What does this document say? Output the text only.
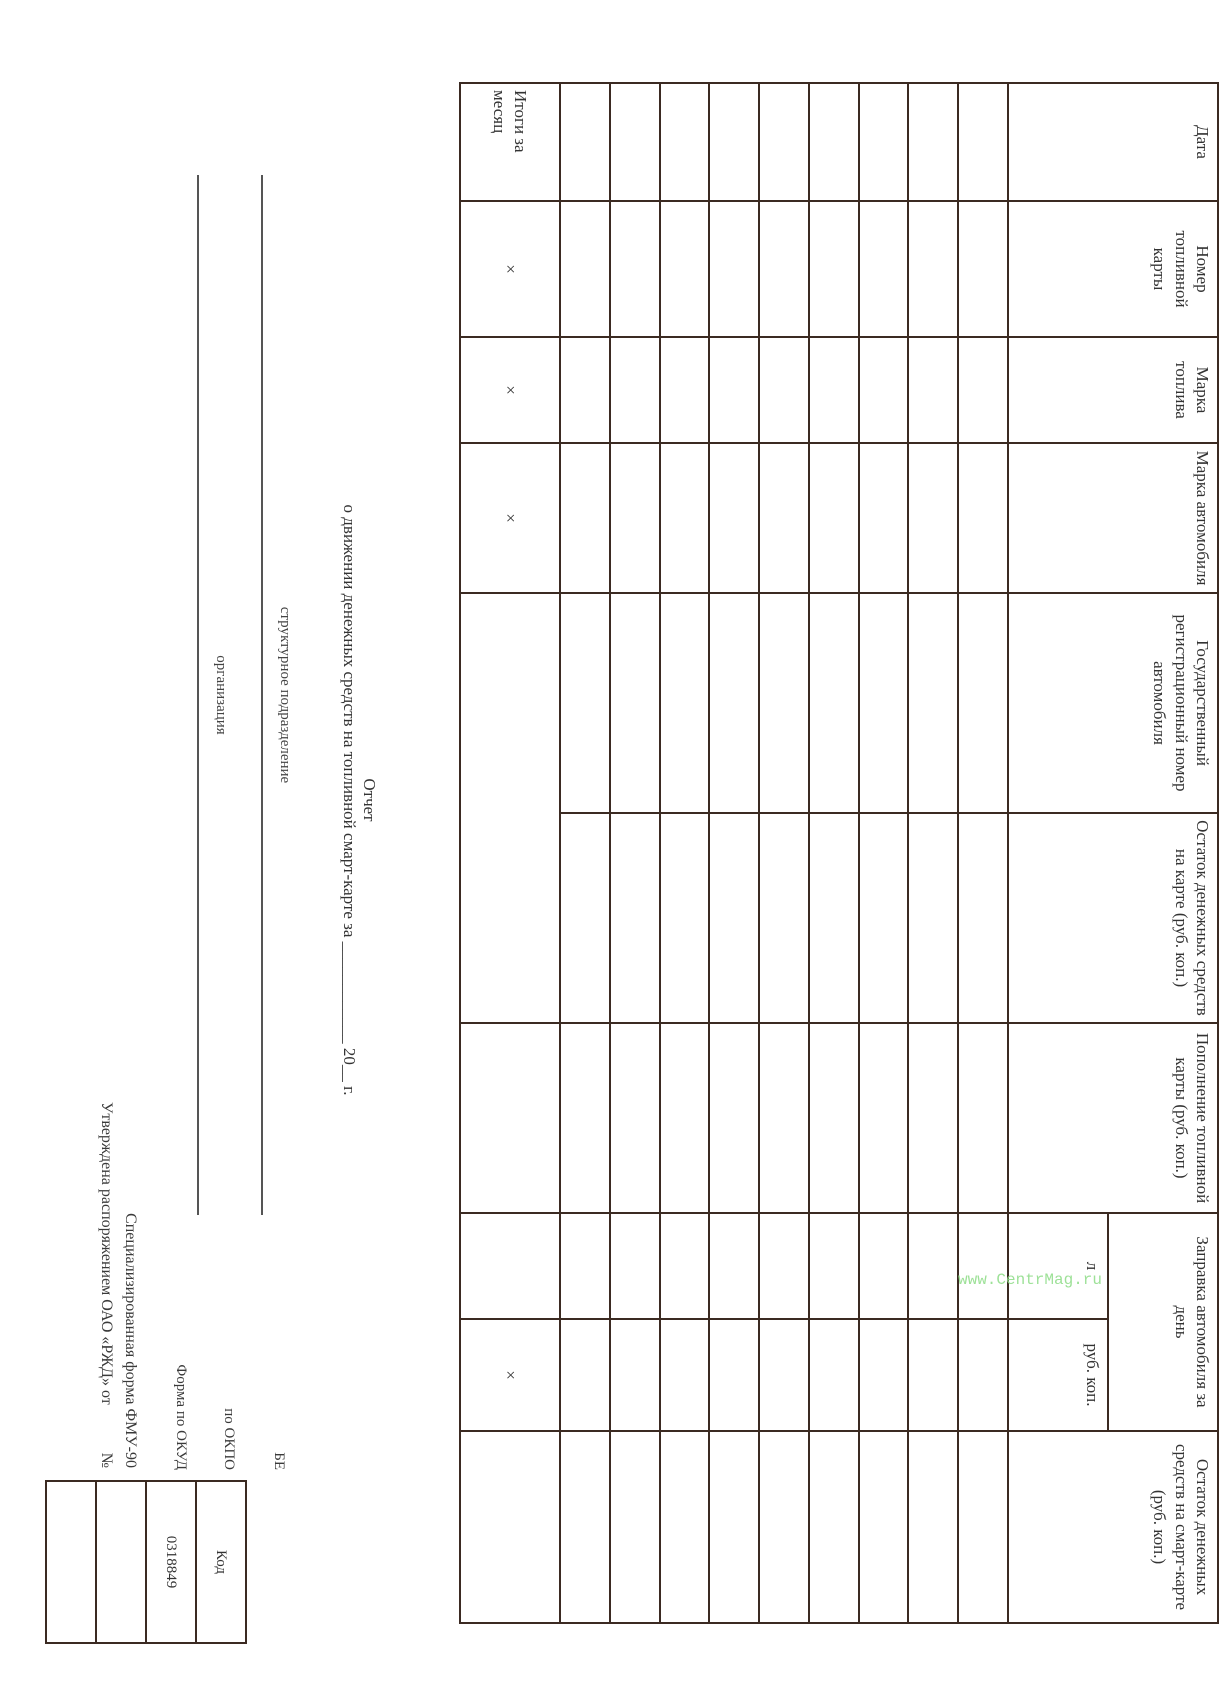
Специализированная форма ФМУ-90
Утверждена распоряжением ОАО «РЖД» от  №	Форма по ОКУД по ОКПО БЕ
Код
0318849

организация	структурное подразделение
Отчет
о движении денежных средств на топливной смарт-карте за ____________ 20__ г.
Дата	Номер топливной карты	Марка топлива	Марка автомобиля	Государственный регистрационный номер автомобиля	Остаток денежных средств на карте (руб. коп.)	Пополнение топливной карты (руб. коп.)	Заправка автомобиля за день		Остаток денежных средств на смарт-карте (руб. коп.)
							л	руб. коп.	

Итоги за месяц	×	×	×					×	
www.CentrMag.ru
